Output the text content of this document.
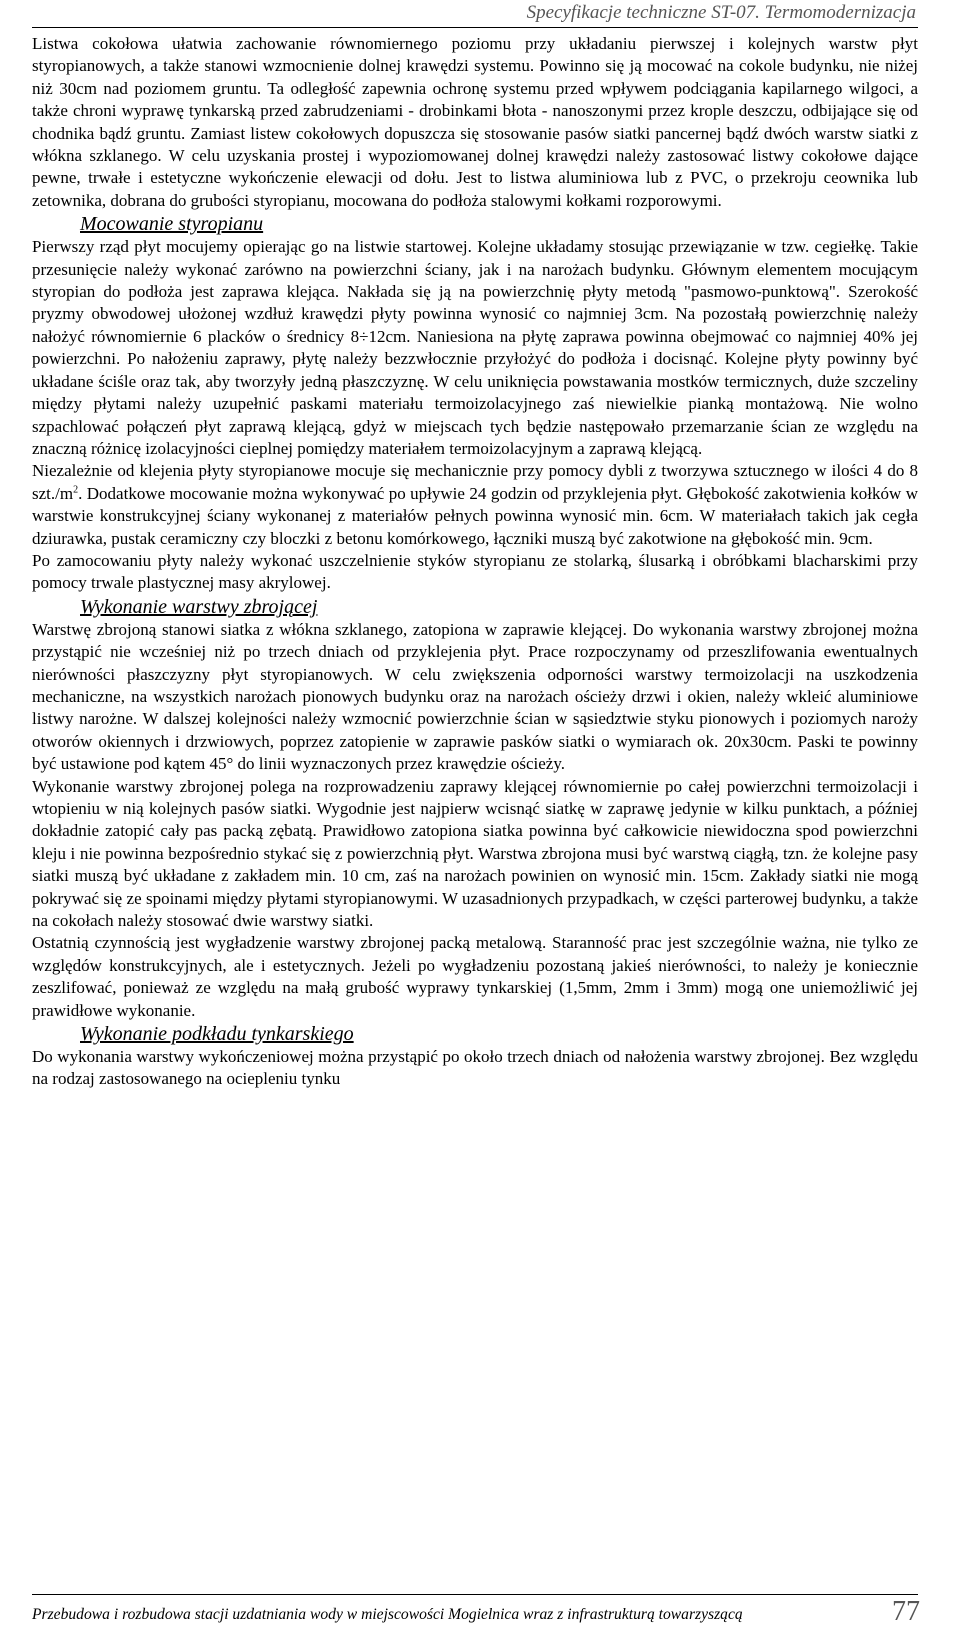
Specyfikacje techniczne ST-07. Termomodernizacja

Listwa cokołowa ułatwia zachowanie równomiernego poziomu przy układaniu pierwszej i kolejnych warstw płyt styropianowych, a także stanowi wzmocnienie dolnej krawędzi systemu. Powinno się ją mocować na cokole budynku, nie niżej niż 30cm nad poziomem gruntu. Ta odległość zapewnia ochronę systemu przed wpływem podciągania kapilarnego wilgoci, a także chroni wyprawę tynkarską przed zabrudzeniami - drobinkami błota - nanoszonymi przez krople deszczu, odbijające się od chodnika bądź gruntu. Zamiast listew cokołowych dopuszcza się stosowanie pasów siatki pancernej bądź dwóch warstw siatki z włókna szklanego. W celu uzyskania prostej i wypoziomowanej dolnej krawędzi należy zastosować listwy cokołowe dające pewne, trwałe i estetyczne wykończenie elewacji od dołu. Jest to listwa aluminiowa lub z PVC, o przekroju ceownika lub zetownika, dobrana do grubości styropianu, mocowana do podłoża stalowymi kołkami rozporowymi.

Mocowanie styropianu

Pierwszy rząd płyt mocujemy opierając go na listwie startowej. Kolejne układamy stosując przewiązanie w tzw. cegiełkę. Takie przesunięcie należy wykonać zarówno na powierzchni ściany, jak i na narożach budynku. Głównym elementem mocującym styropian do podłoża jest zaprawa klejąca. Nakłada się ją na powierzchnię płyty metodą "pasmowo-punktową". Szerokość pryzmy obwodowej ułożonej wzdłuż krawędzi płyty powinna wynosić co najmniej 3cm. Na pozostałą powierzchnię należy nałożyć równomiernie 6 placków o średnicy 8÷12cm. Naniesiona na płytę zaprawa powinna obejmować co najmniej 40% jej powierzchni. Po nałożeniu zaprawy, płytę należy bezzwłocznie przyłożyć do podłoża i docisnąć. Kolejne płyty powinny być układane ściśle oraz tak, aby tworzyły jedną płaszczyznę. W celu uniknięcia powstawania mostków termicznych, duże szczeliny między płytami należy uzupełnić paskami materiału termoizolacyjnego zaś niewielkie pianką montażową. Nie wolno szpachlować połączeń płyt zaprawą klejącą, gdyż w miejscach tych będzie następowało przemarzanie ścian ze względu na znaczną różnicę izolacyjności cieplnej pomiędzy materiałem termoizolacyjnym a zaprawą klejącą.

Niezależnie od klejenia płyty styropianowe mocuje się mechanicznie przy pomocy dybli z tworzywa sztucznego w ilości 4 do 8 $szt./m^2$. Dodatkowe mocowanie można wykonywać po upływie 24 godzin od przyklejenia płyt. Głębokość zakotwienia kołków w warstwie konstrukcyjnej ściany wykonanej z materiałów pełnych powinna wynosić min. 6cm. W materiałach takich jak cegła dziurawka, pustak ceramiczny czy bloczki z betonu komórkowego, łączniki muszą być zakotwione na głębokość min. 9cm.

Po zamocowaniu płyty należy wykonać uszczelnienie styków styropianu ze stolarką, ślusarką i obróbkami blacharskimi przy pomocy trwale plastycznej masy akrylowej.

Wykonanie warstwy zbrojącej

Warstwę zbrojoną stanowi siatka z włókna szklanego, zatopiona w zaprawie klejącej. Do wykonania warstwy zbrojonej można przystąpić nie wcześniej niż po trzech dniach od przyklejenia płyt. Prace rozpoczynamy od przeszlifowania ewentualnych nierówności płaszczyzny płyt styropianowych. W celu zwiększenia odporności warstwy termoizolacji na uszkodzenia mechaniczne, na wszystkich narożach pionowych budynku oraz na narożach ościeży drzwi i okien, należy wkleić aluminiowe listwy narożne. W dalszej kolejności należy wzmocnić powierzchnie ścian w sąsiedztwie styku pionowych i poziomych naroży otworów okiennych i drzwiowych, poprzez zatopienie w zaprawie pasków siatki o wymiarach ok. 20x30cm. Paski te powinny być ustawione pod kątem 45° do linii wyznaczonych przez krawędzie ościeży.

Wykonanie warstwy zbrojonej polega na rozprowadzeniu zaprawy klejącej równomiernie po całej powierzchni termoizolacji i wtopieniu w nią kolejnych pasów siatki. Wygodnie jest najpierw wcisnąć siatkę w zaprawę jedynie w kilku punktach, a później dokładnie zatopić cały pas packą zębatą. Prawidłowo zatopiona siatka powinna być całkowicie niewidoczna spod powierzchni kleju i nie powinna bezpośrednio stykać się z powierzchnią płyt. Warstwa zbrojona musi być warstwą ciągłą, tzn. że kolejne pasy siatki muszą być układane z zakładem min. 10 cm, zaś na narożach powinien on wynosić min. 15cm. Zakłady siatki nie mogą pokrywać się ze spoinami między płytami styropianowymi. W uzasadnionych przypadkach, w części parterowej budynku, a także na cokołach należy stosować dwie warstwy siatki.

Ostatnią czynnością jest wygładzenie warstwy zbrojonej packą metalową. Staranność prac jest szczególnie ważna, nie tylko ze względów konstrukcyjnych, ale i estetycznych. Jeżeli po wygładzeniu pozostaną jakieś nierówności, to należy je koniecznie zeszlifować, ponieważ ze względu na małą grubość wyprawy tynkarskiej (1,5mm, 2mm i 3mm) mogą one uniemożliwić jej prawidłowe wykonanie.

Wykonanie podkładu tynkarskiego

Do wykonania warstwy wykończeniowej można przystąpić po około trzech dniach od nałożenia warstwy zbrojonej. Bez względu na rodzaj zastosowanego na ociepleniu tynku

Przebudowa i rozbudowa stacji uzdatniania wody w miejscowości Mogielnica wraz z infrastrukturą towarzyszącą	77
